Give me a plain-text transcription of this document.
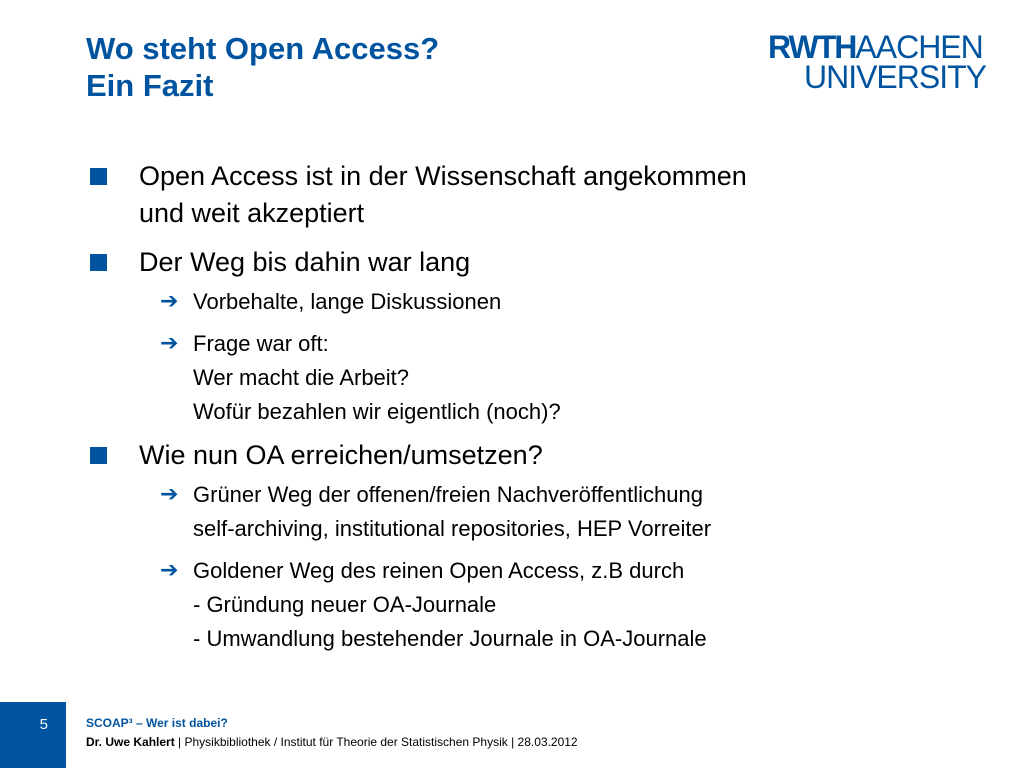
Wo steht Open Access?
Ein Fazit
RWTHAACHEN
UNIVERSITY
Open Access ist in der Wissenschaft angekommen
und weit akzeptiert
Der Weg bis dahin war lang
➔ Vorbehalte, lange Diskussionen
➔ Frage war oft:
Wer macht die Arbeit?
Wofür bezahlen wir eigentlich (noch)?
Wie nun OA erreichen/umsetzen?
➔ Grüner Weg der offenen/freien Nachveröffentlichung
self-archiving, institutional repositories, HEP Vorreiter
➔ Goldener Weg des reinen Open Access, z.B durch
- Gründung neuer OA-Journale
- Umwandlung bestehender Journale in OA-Journale
5	SCOAP³ – Wer ist dabei?
Dr. Uwe Kahlert | Physikbibliothek / Institut für Theorie der Statistischen Physik | 28.03.2012
